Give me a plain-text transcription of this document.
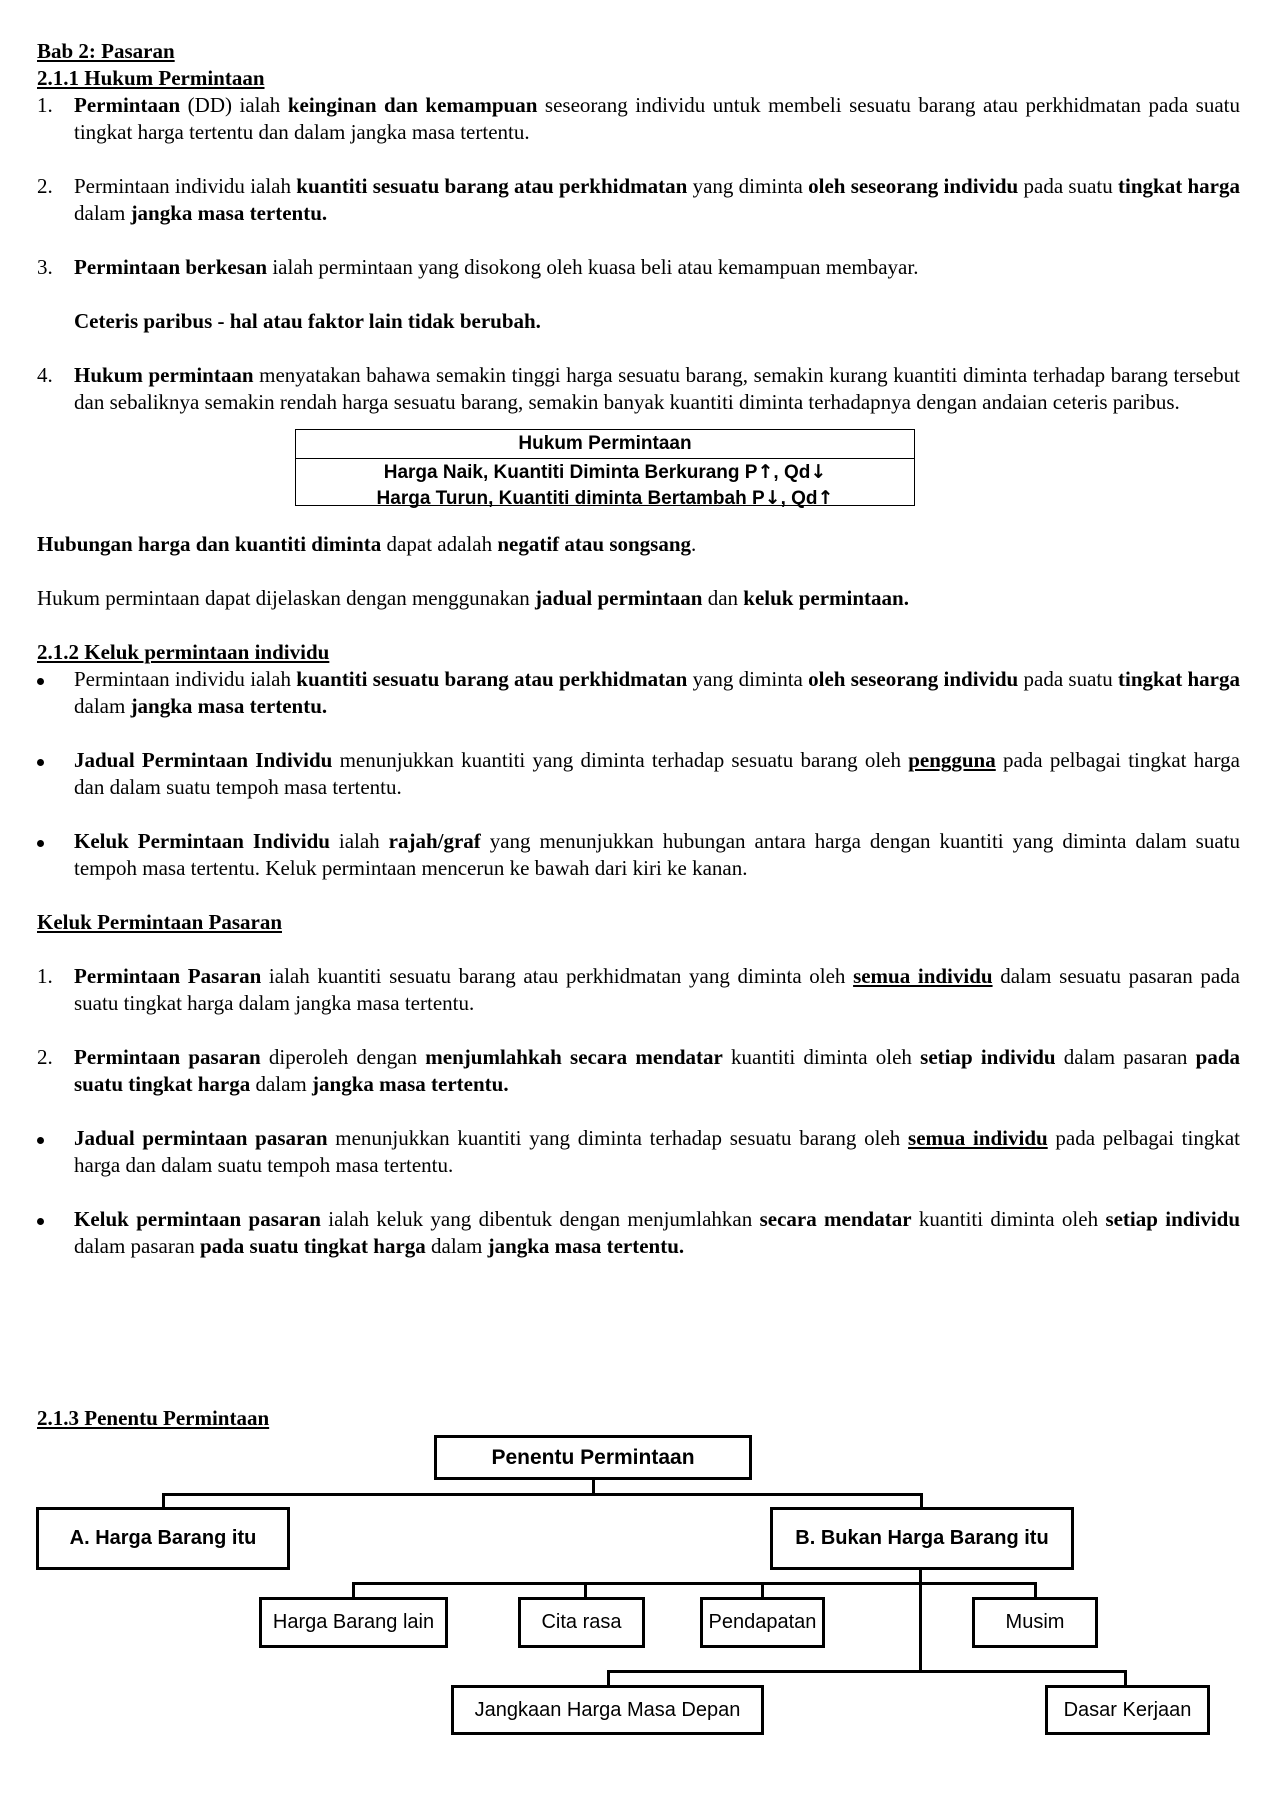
Bab 2: Pasaran

2.1.1 Hukum Permintaan

1. Permintaan (DD) ialah keinginan dan kemampuan seseorang individu untuk membeli sesuatu barang atau perkhidmatan pada suatu tingkat harga tertentu dan dalam jangka masa tertentu.
2. Permintaan individu ialah kuantiti sesuatu barang atau perkhidmatan yang diminta oleh seseorang individu pada suatu tingkat harga dalam jangka masa tertentu.
3. Permintaan berkesan ialah permintaan yang disokong oleh kuasa beli atau kemampuan membayar.
Ceteris paribus - hal atau faktor lain tidak berubah.
4. Hukum permintaan menyatakan bahawa semakin tinggi harga sesuatu barang, semakin kurang kuantiti diminta terhadap barang tersebut dan sebaliknya semakin rendah harga sesuatu barang, semakin banyak kuantiti diminta terhadapnya dengan andaian ceteris paribus.
Hukum Permintaan
Harga Naik, Kuantiti Diminta Berkurang P↑, Qd↓
Harga Turun, Kuantiti diminta Bertambah P↓, Qd↑
Hubungan harga dan kuantiti diminta dapat adalah negatif atau songsang.
Hukum permintaan dapat dijelaskan dengan menggunakan jadual permintaan dan keluk permintaan.

2.1.2 Keluk permintaan individu

Permintaan individu ialah kuantiti sesuatu barang atau perkhidmatan yang diminta oleh seseorang individu pada suatu tingkat harga dalam jangka masa tertentu.
Jadual Permintaan Individu menunjukkan kuantiti yang diminta terhadap sesuatu barang oleh pengguna pada pelbagai tingkat harga dan dalam suatu tempoh masa tertentu.
Keluk Permintaan Individu ialah rajah/graf yang menunjukkan hubungan antara harga dengan kuantiti yang diminta dalam suatu tempoh masa tertentu. Keluk permintaan mencerun ke bawah dari kiri ke kanan.

Keluk Permintaan Pasaran

1. Permintaan Pasaran ialah kuantiti sesuatu barang atau perkhidmatan yang diminta oleh semua individu dalam sesuatu pasaran pada suatu tingkat harga dalam jangka masa tertentu.
2. Permintaan pasaran diperoleh dengan menjumlahkah secara mendatar kuantiti diminta oleh setiap individu dalam pasaran pada suatu tingkat harga dalam jangka masa tertentu.
Jadual permintaan pasaran menunjukkan kuantiti yang diminta terhadap sesuatu barang oleh semua individu pada pelbagai tingkat harga dan dalam suatu tempoh masa tertentu.
Keluk permintaan pasaran ialah keluk yang dibentuk dengan menjumlahkan secara mendatar kuantiti diminta oleh setiap individu dalam pasaran pada suatu tingkat harga dalam jangka masa tertentu.

2.1.3 Penentu Permintaan

Penentu Permintaan
A. Harga Barang itu	B. Bukan Harga Barang itu
Harga Barang lain	Cita rasa	Pendapatan	Musim
Jangkaan Harga Masa Depan	Dasar Kerjaan
